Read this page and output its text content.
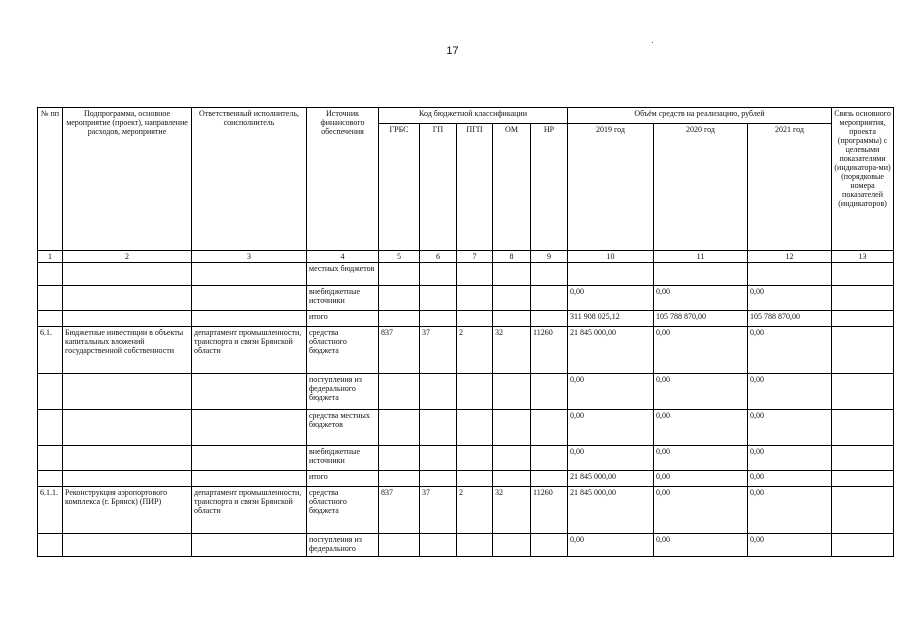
17
№ пп	Подпрограмма, основное мероприятие (проект), направление расходов, мероприятие	Ответственный исполнитель, соисполнитель	Источник финансового обеспечения	Код бюджетной классификации					Объём средств на реализацию, рублей			Связь основного мероприятия, проекта (программы) с целевыми показателями (индикатора-ми) (порядковые номера показателей (индикаторов)
				ГРБС	ГП	ПГП	ОМ	НР	2019 год	2020 год	2021 год	
1	2	3	4	5	6	7	8	9	10	11	12	13
			местных бюджетов									
			внебюджетные источники						0,00	0,00	0,00	
			итого						311 908 025,12	105 788 870,00	105 788 870,00	
6.1.	Бюджетные инвестиции в объекты капитальных вложений государственной собственности	департамент промышленности, транспорта и связи Брянской области	средства областного бюджета	837	37	2	32	11260	21 845 000,00	0,00	0,00	
			поступления из федерального бюджета						0,00	0,00	0,00	
			средства местных бюджетов						0,00	0,00	0,00	
			внебюджетные источники						0,00	0,00	0,00	
			итого						21 845 000,00	0,00	0,00	
6.1.1.	Реконструкция аэропортового комплекса (г. Брянск) (ПИР)	департамент промышленности, транспорта и связи Брянской области	средства областного бюджета	837	37	2	32	11260	21 845 000,00	0,00	0,00	
			поступления из федерального						0,00	0,00	0,00	
